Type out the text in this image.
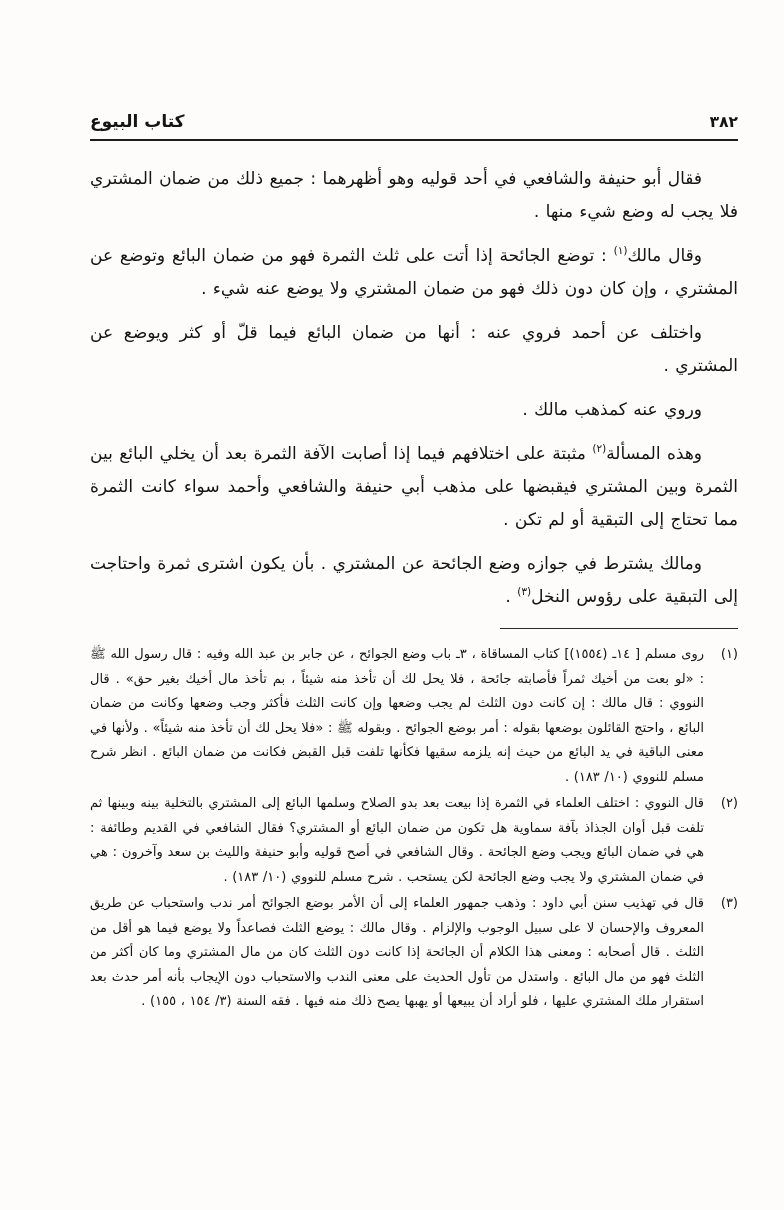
٣٨٢
كتاب البيوع

فقال أبو حنيفة والشافعي في أحد قوليه وهو أظهرهما : جميع ذلك من ضمان المشتري فلا يجب له وضع شيء منها .

وقال مالك$^{(١)}$ : توضع الجائحة إذا أتت على ثلث الثمرة فهو من ضمان البائع وتوضع عن المشتري ، وإن كان دون ذلك فهو من ضمان المشتري ولا يوضع عنه شيء .

واختلف عن أحمد فروي عنه : أنها من ضمان البائع فيما قلّ أو كثر ويوضع عن المشتري .

وروي عنه كمذهب مالك .

وهذه المسألة$^{(٢)}$ مثبتة على اختلافهم فيما إذا أصابت الآفة الثمرة بعد أن يخلي البائع بين الثمرة وبين المشتري فيقبضها على مذهب أبي حنيفة والشافعي وأحمد سواء كانت الثمرة مما تحتاج إلى التبقية أو لم تكن .

ومالك يشترط في جوازه وضع الجائحة عن المشتري . بأن يكون اشترى ثمرة واحتاجت إلى التبقية على رؤوس النخل$^{(٣)}$ .

(١)
روى مسلم [ ١٤ـ (١٥٥٤)] كتاب المساقاة ، ٣ـ باب وضع الجوائح ، عن جابر بن عبد الله وفيه : قال رسول الله ﷺ : «لو بعت من أخيك ثمراً فأصابته جائحة ، فلا يحل لك أن تأخذ منه شيئاً ، بم تأخذ مال أخيك بغير حق» . قال النووي : قال مالك : إن كانت دون الثلث لم يجب وضعها وإن كانت الثلث فأكثر وجب وضعها وكانت من ضمان البائع ، واحتج القائلون بوضعها بقوله : أمر بوضع الجوائح . وبقوله ﷺ : «فلا يحل لك أن تأخذ منه شيئاً» . ولأنها في معنى الباقية في يد البائع من حيث إنه يلزمه سقيها فكأنها تلفت قبل القبض فكانت من ضمان البائع . انظر شرح مسلم للنووي (١٠/ ١٨٣) .
(٢)
قال النووي : اختلف العلماء في الثمرة إذا بيعت بعد بدو الصلاح وسلمها البائع إلى المشتري بالتخلية بينه وبينها ثم تلفت قبل أوان الجذاذ بآفة سماوية هل تكون من ضمان البائع أو المشتري؟ فقال الشافعي في القديم وطائفة : هي في ضمان البائع ويجب وضع الجائحة . وقال الشافعي في أصح قوليه وأبو حنيفة والليث بن سعد وآخرون : هي في ضمان المشتري ولا يجب وضع الجائحة لكن يستحب . شرح مسلم للنووي (١٠/ ١٨٣) .
(٣)
قال في تهذيب سنن أبي داود : وذهب جمهور العلماء إلى أن الأمر بوضع الجوائح أمر ندب واستحباب عن طريق المعروف والإحسان لا على سبيل الوجوب والإلزام . وقال مالك : يوضع الثلث فصاعداً ولا يوضع فيما هو أقل من الثلث . قال أصحابه : ومعنى هذا الكلام أن الجائحة إذا كانت دون الثلث كان من مال المشتري وما كان أكثر من الثلث فهو من مال البائع . واستدل من تأول الحديث على معنى الندب والاستحباب دون الإيجاب بأنه أمر حدث بعد استقرار ملك المشتري عليها ، فلو أراد أن يبيعها أو يهبها يصح ذلك منه فيها . فقه السنة (٣/ ١٥٤ ، ١٥٥) .
